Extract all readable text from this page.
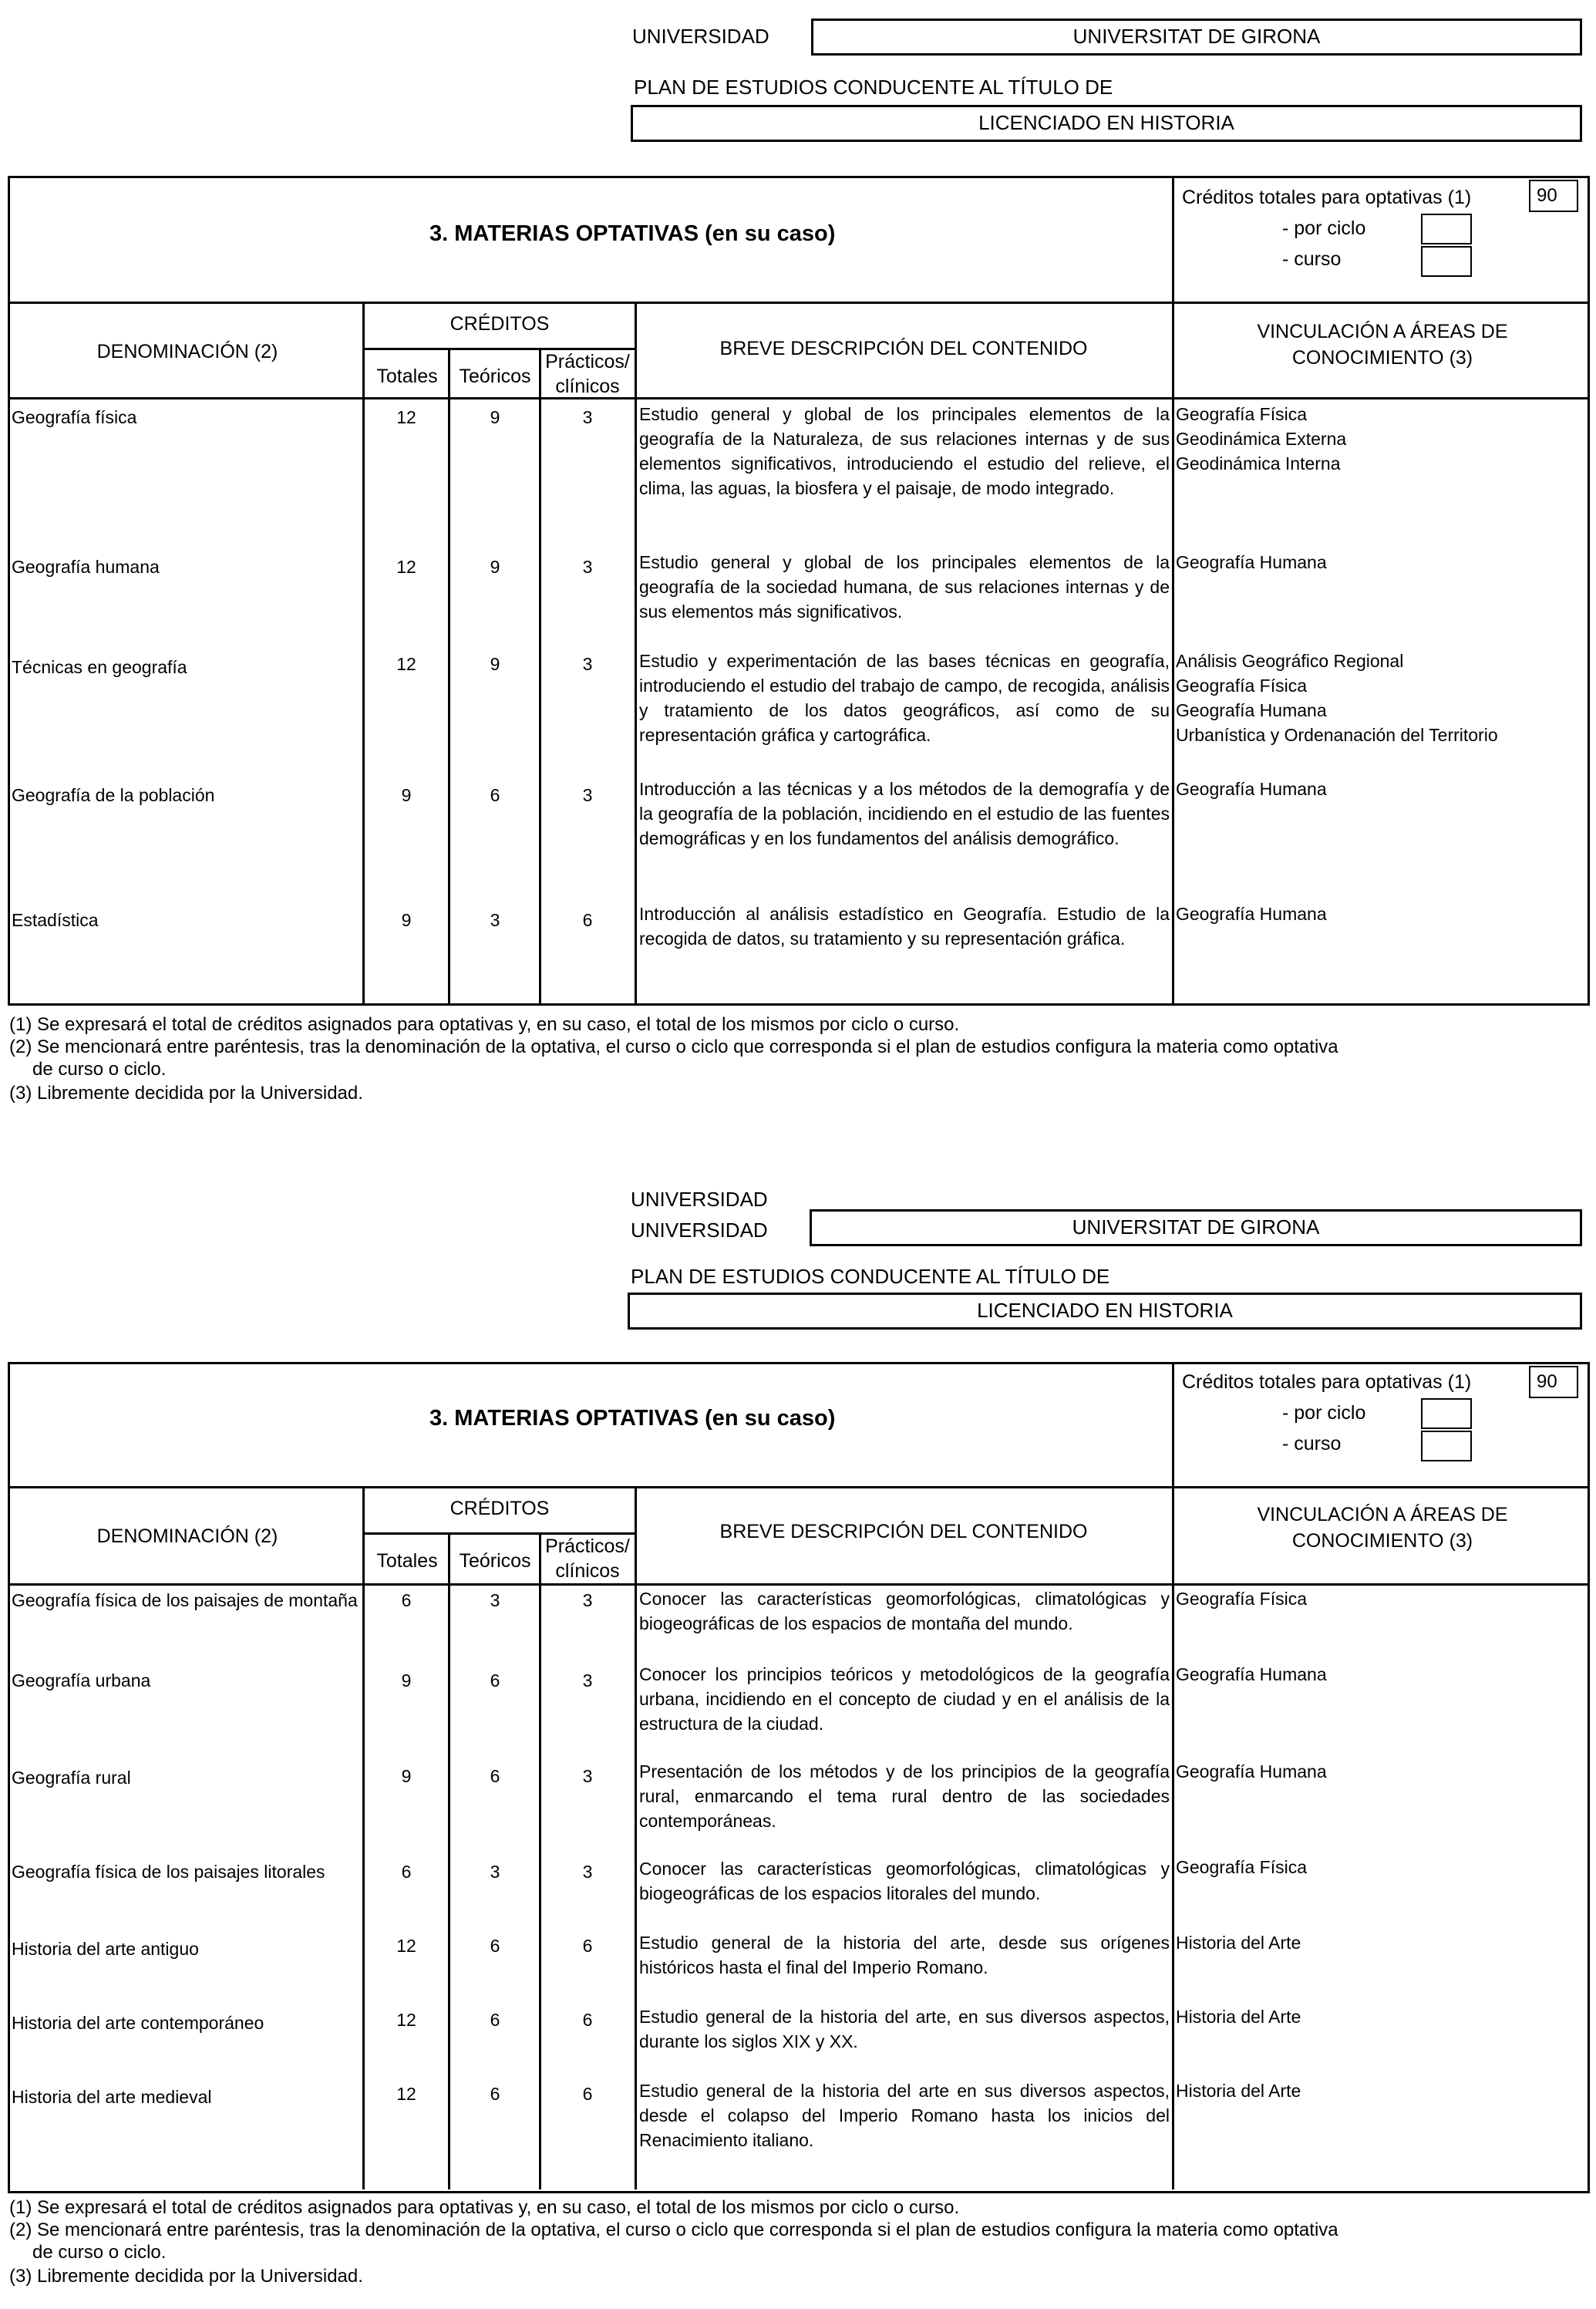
UNIVERSIDAD	UNIVERSITAT DE GIRONA
PLAN DE ESTUDIOS CONDUCENTE AL TÍTULO DE
LICENCIADO EN HISTORIA
3. MATERIAS OPTATIVAS (en su caso)
Créditos totales para optativas (1)	90
- por ciclo
- curso
DENOMINACIÓN (2)
CRÉDITOS
Totales	Teóricos
Prácticos/ clínicos
BREVE DESCRIPCIÓN DEL CONTENIDO
VINCULACIÓN A ÁREAS DE CONOCIMIENTO (3)
Geografía física	12	9	3	Estudio general y global de los principales elementos de la geografía de la Naturaleza, de sus relaciones internas y de sus elementos significativos, introduciendo el estudio del relieve, el clima, las aguas, la biosfera y el paisaje, de modo integrado.
Geografía Física
Geodinámica Externa
Geodinámica Interna
Geografía humana	12	9	3	Estudio general y global de los principales elementos de la geografía de la sociedad humana, de sus relaciones internas y de sus elementos más significativos.
Geografía Humana
Técnicas en geografía	12	9	3	Estudio y experimentación de las bases técnicas en geografía, introduciendo el estudio del trabajo de campo, de recogida, análisis y tratamiento de los datos geográficos, así como de su representación gráfica y cartográfica.
Análisis Geográfico Regional
Geografía Física
Geografía Humana
Urbanística y Ordenanación del Territorio
Geografía de la población	9	6	3	Introducción a las técnicas y a los métodos de la demografía y de la geografía de la población, incidiendo en el estudio de las fuentes demográficas y en los fundamentos del análisis demográfico.
Geografía Humana
Estadística	9	3	6	Introducción al análisis estadístico en Geografía. Estudio de la recogida de datos, su tratamiento y su representación gráfica.
Geografía Humana
(1) Se expresará el total de créditos asignados para optativas y, en su caso, el total de los mismos por ciclo o curso.
(2) Se mencionará entre paréntesis, tras la denominación de la optativa, el curso o ciclo que corresponda si el plan de estudios configura la materia como optativa
de curso o ciclo.
(3) Libremente decidida por la Universidad.
UNIVERSIDAD
UNIVERSIDAD	UNIVERSITAT DE GIRONA
PLAN DE ESTUDIOS CONDUCENTE AL TÍTULO DE
LICENCIADO EN HISTORIA
3. MATERIAS OPTATIVAS (en su caso)
Créditos totales para optativas (1)	90
- por ciclo
- curso
DENOMINACIÓN (2)
CRÉDITOS
Totales	Teóricos
Prácticos/ clínicos
BREVE DESCRIPCIÓN DEL CONTENIDO
VINCULACIÓN A ÁREAS DE CONOCIMIENTO (3)
Geografía física de los paisajes de montaña	6	3	3	Conocer las características geomorfológicas, climatológicas y biogeográficas de los espacios de montaña del mundo.
Geografía Física
Geografía urbana	9	6	3	Conocer los principios teóricos y metodológicos de la geografía urbana, incidiendo en el concepto de ciudad y en el análisis de la estructura de la ciudad.
Geografía Humana
Geografía rural	9	6	3	Presentación de los métodos y de los principios de la geografía rural, enmarcando el tema rural dentro de las sociedades contemporáneas.
Geografía Humana
Geografía física de los paisajes litorales	6	3	3	Conocer las características geomorfológicas, climatológicas y biogeográficas de los espacios litorales del mundo.
Geografía Física
Historia del arte antiguo	12	6	6	Estudio general de la historia del arte, desde sus orígenes históricos hasta el final del Imperio Romano.
Historia del Arte
Historia del arte contemporáneo	12	6	6	Estudio general de la historia del arte, en sus diversos aspectos, durante los siglos XIX y XX.
Historia del Arte
Historia del arte medieval	12	6	6	Estudio general de la historia del arte en sus diversos aspectos, desde el colapso del Imperio Romano hasta los inicios del Renacimiento italiano.
Historia del Arte
(1) Se expresará el total de créditos asignados para optativas y, en su caso, el total de los mismos por ciclo o curso.
(2) Se mencionará entre paréntesis, tras la denominación de la optativa, el curso o ciclo que corresponda si el plan de estudios configura la materia como optativa
de curso o ciclo.
(3) Libremente decidida por la Universidad.
